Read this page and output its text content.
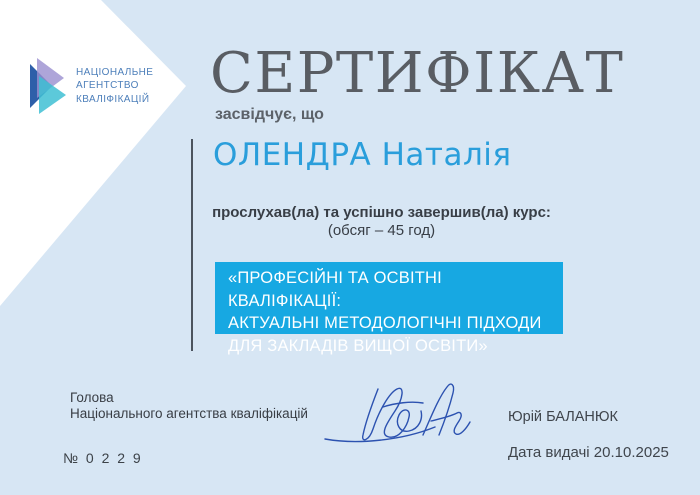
НАЦІОНАЛЬНЕ
АГЕНТСТВО
КВАЛІФІКАЦІЙ СЕРТИФІКАТ
засвідчує, що
ОЛЕНДРА Наталія
прослухав(ла) та успішно завершив(ла) курс:
(обсяг – 45 год)
«ПРОФЕСІЙНІ ТА ОСВІТНІ КВАЛІФІКАЦІЇ:
АКТУАЛЬНІ МЕТОДОЛОГІЧНІ ПІДХОДИ
ДЛЯ ЗАКЛАДІВ ВИЩОЇ ОСВІТИ»
Голова
Національного агентства кваліфікацій	Юрій БАЛАНЮК
№ 0 2 2 9	Дата видачі 20.10.2025
